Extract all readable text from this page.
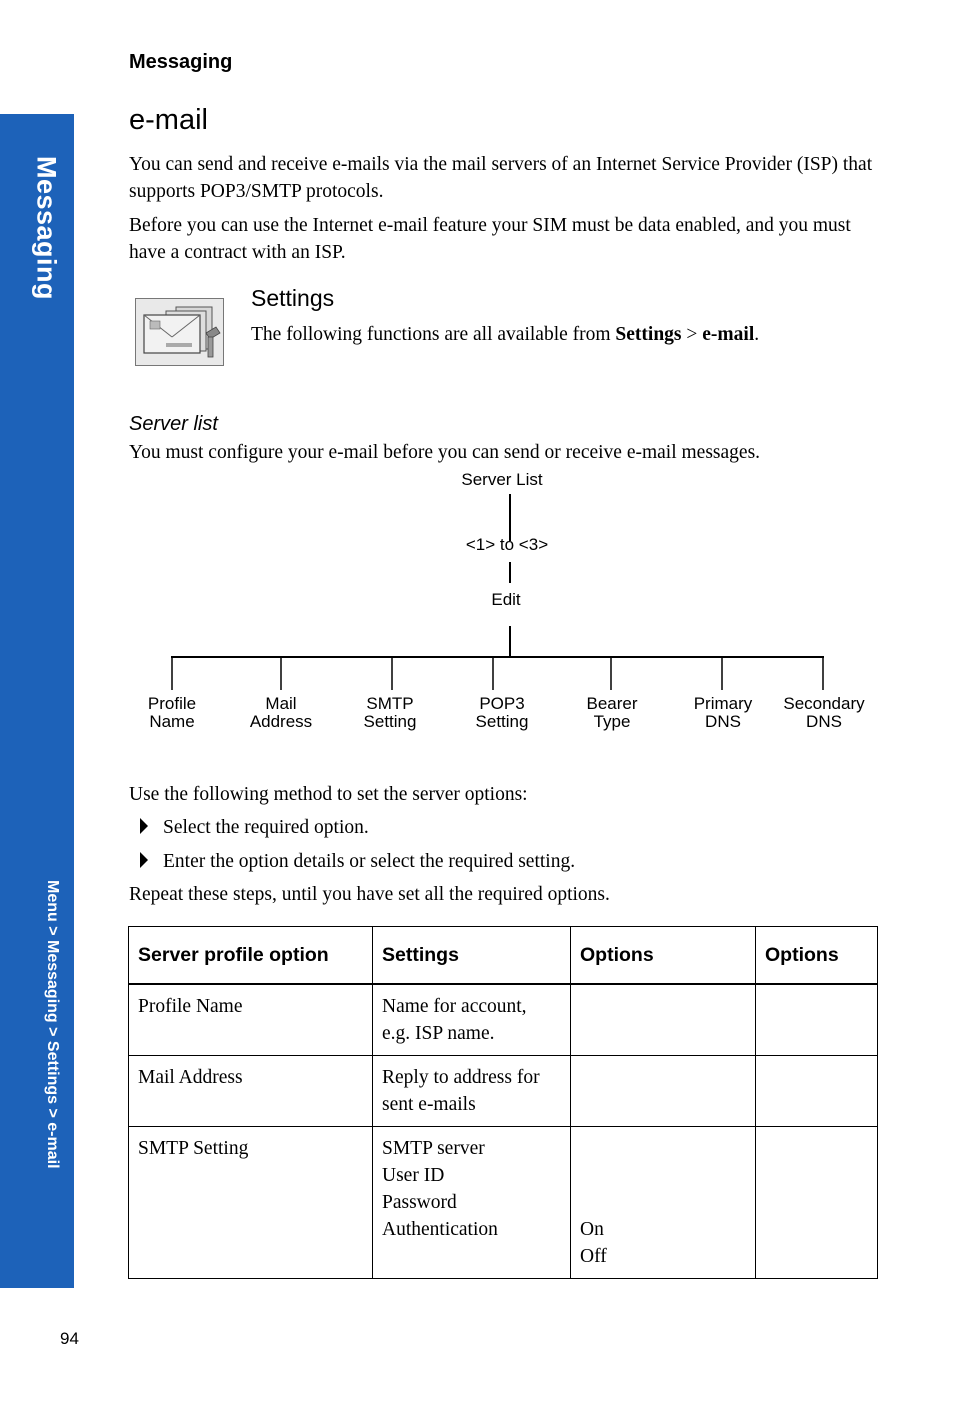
Messaging
Menu > Messaging > Settings > e-mail
Messaging
e-mail
You can send and receive e-mails via the mail servers of an Internet Service Provider (ISP) that supports POP3/SMTP protocols.
Before you can use the Internet e-mail feature your SIM must be data enabled, and you must have a contract with an ISP.
Settings
The following functions are all available from Settings > e-mail.
Server list
You must configure your e-mail before you can send or receive e-mail messages.
Server List
<1> to <3>
Edit
Profile
Name
Mail
Address
SMTP
Setting
POP3
Setting
Bearer
Type
Primary
DNS
Secondary
DNS
Use the following method to set the server options:
Select the required option.
Enter the option details or select the required setting.
Repeat these steps, until you have set all the required options.
Server profile option	Settings	Options	Options
Profile Name	Name for account,
e.g. ISP name.		

Mail Address	Reply to address for
sent e-mails		

SMTP Setting	SMTP server
User ID
Password
Authentication	On
Off	

94
